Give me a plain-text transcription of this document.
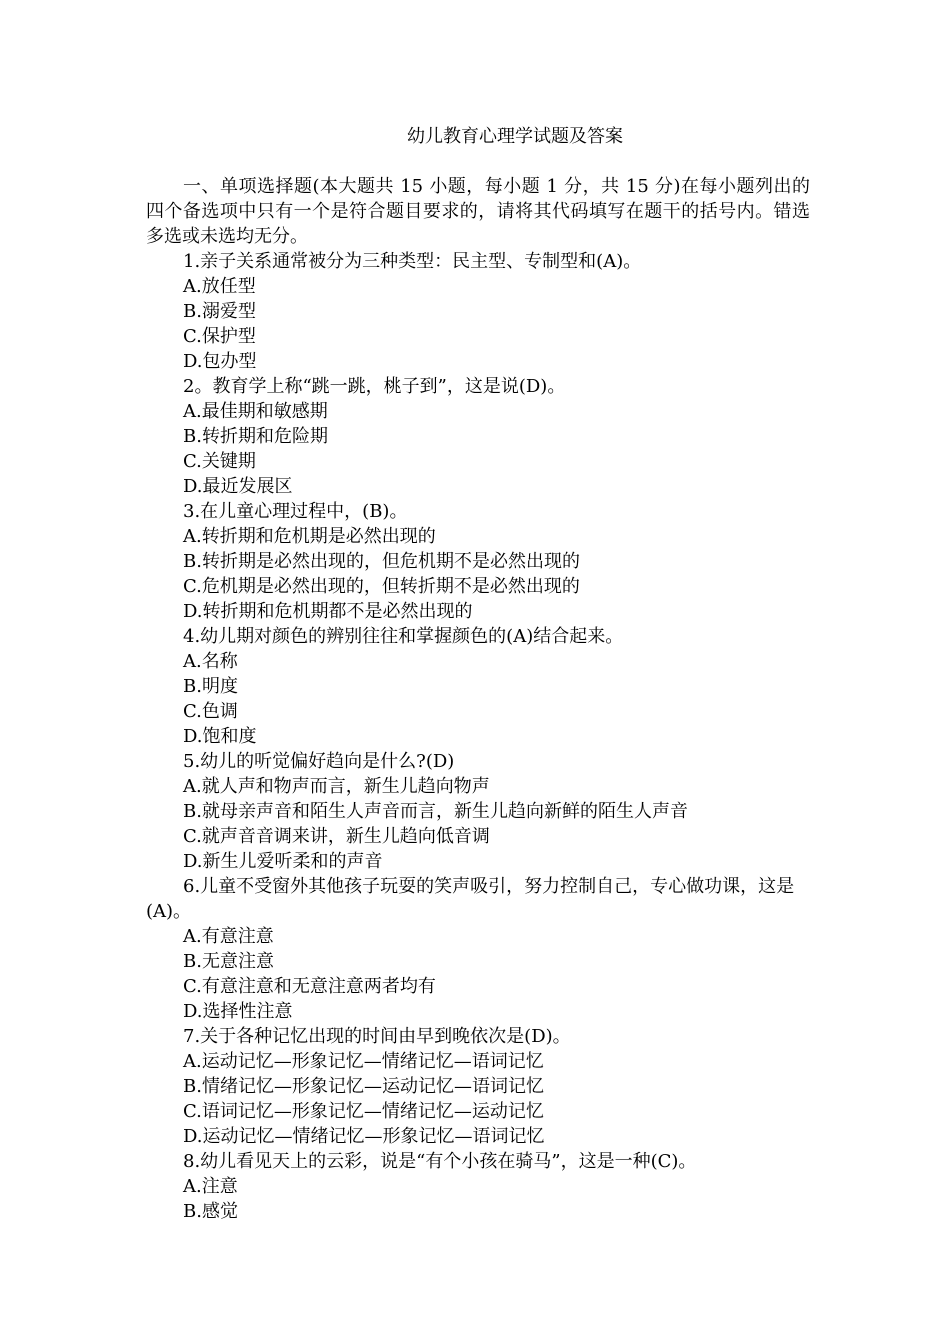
幼儿教育心理学试题及答案

一、单项选择题(本大题共 15 小题，每小题 1 分，共 15 分)在每小题列出的四个备选项中只有一个是符合题目要求的，请将其代码填写在题干的括号内。错选多选或未选均无分。

1.亲子关系通常被分为三种类型：民主型、专制型和(A)。

A.放任型

B.溺爱型

C.保护型

D.包办型

2。教育学上称“跳一跳，桃子到”，这是说(D)。

A.最佳期和敏感期

B.转折期和危险期

C.关键期

D.最近发展区

3.在儿童心理过程中，(B)。

A.转折期和危机期是必然出现的

B.转折期是必然出现的，但危机期不是必然出现的

C.危机期是必然出现的，但转折期不是必然出现的

D.转折期和危机期都不是必然出现的

4.幼儿期对颜色的辨别往往和掌握颜色的(A)结合起来。

A.名称

B.明度

C.色调

D.饱和度

5.幼儿的听觉偏好趋向是什么?(D)

A.就人声和物声而言，新生儿趋向物声

B.就母亲声音和陌生人声音而言，新生儿趋向新鲜的陌生人声音

C.就声音音调来讲，新生儿趋向低音调

D.新生儿爱听柔和的声音

6.儿童不受窗外其他孩子玩耍的笑声吸引，努力控制自己，专心做功课，这是(A)。

A.有意注意

B.无意注意

C.有意注意和无意注意两者均有

D.选择性注意

7.关于各种记忆出现的时间由早到晚依次是(D)。

A.运动记忆—形象记忆—情绪记忆—语词记忆

B.情绪记忆—形象记忆—运动记忆—语词记忆

C.语词记忆—形象记忆—情绪记忆—运动记忆

D.运动记忆—情绪记忆—形象记忆—语词记忆

8.幼儿看见天上的云彩，说是“有个小孩在骑马”，这是一种(C)。

A.注意

B.感觉
